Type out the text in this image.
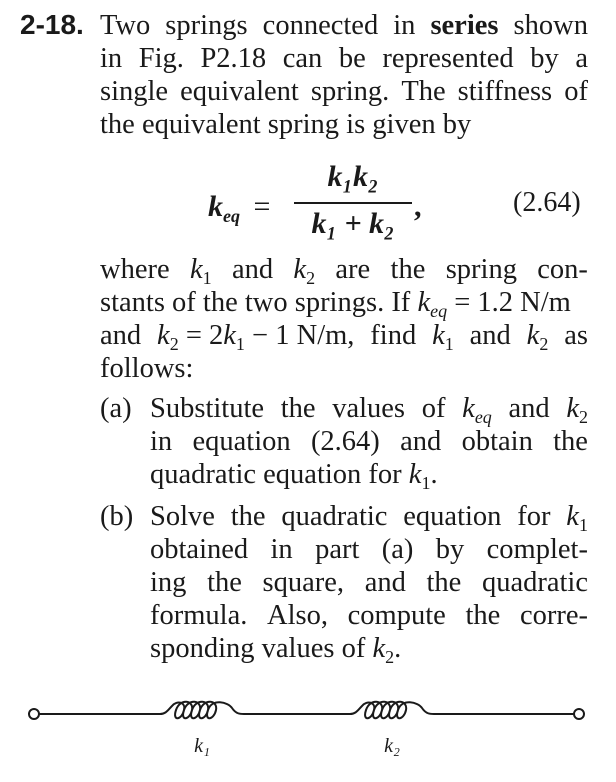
2-18. Two springs connected in series shown
in Fig. P2.18 can be represented by a
single equivalent spring. The stiffness of
the equivalent spring is given by
$k_{eq}$ =
k₁k₂
k₁ + k₂
,	(2.64)
where $k_1$ and $k_2$ are the spring con-
stants of the two springs. If $k_{eq} = 1.2$ N/m
and $k_2 = 2k_1 - 1$ N/m, find $k_1$ and $k_2$ as
follows:
(a) Substitute the values of $k_{eq}$ and $k_2$
in equation (2.64) and obtain the
quadratic equation for $k_1$.
(b) Solve the quadratic equation for $k_1$
obtained in part (a) by complet-
ing the square, and the quadratic
formula. Also, compute the corre-
sponding values of $k_2$.
k₁	k₂
